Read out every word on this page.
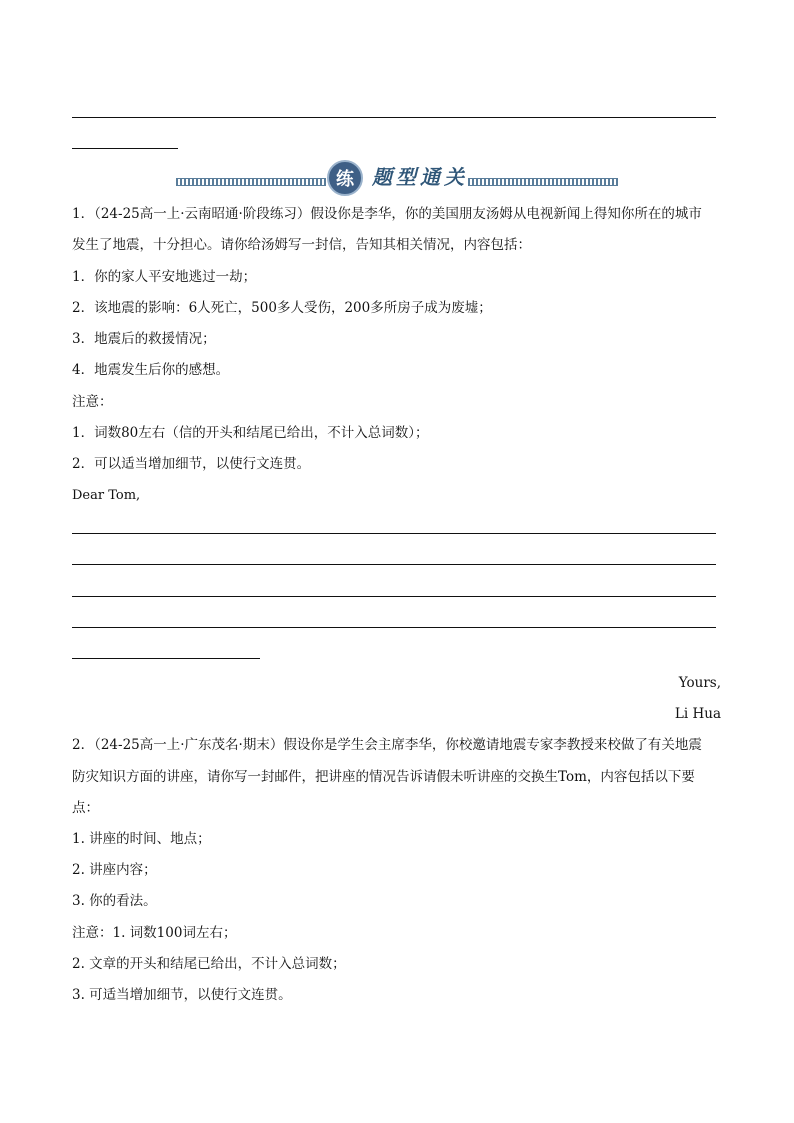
练 题型通关
1．（24-25高一上·云南昭通·阶段练习）假设你是李华，你的美国朋友汤姆从电视新闻上得知你所在的城市
发生了地震，十分担心。请你给汤姆写一封信，告知其相关情况，内容包括：
1．你的家人平安地逃过一劫；
2．该地震的影响：6人死亡，500多人受伤，200多所房子成为废墟；
3．地震后的救援情况；
4．地震发生后你的感想。
注意：
1．词数80左右（信的开头和结尾已给出，不计入总词数）；
2．可以适当增加细节，以使行文连贯。
Dear Tom,
Yours,
Li Hua
2．（24-25高一上·广东茂名·期末）假设你是学生会主席李华，你校邀请地震专家李教授来校做了有关地震
防灾知识方面的讲座，请你写一封邮件，把讲座的情况告诉请假未听讲座的交换生Tom，内容包括以下要
点：
1. 讲座的时间、地点；
2. 讲座内容；
3. 你的看法。
注意：1. 词数100词左右；
2. 文章的开头和结尾已给出，不计入总词数；
3. 可适当增加细节，以使行文连贯。
